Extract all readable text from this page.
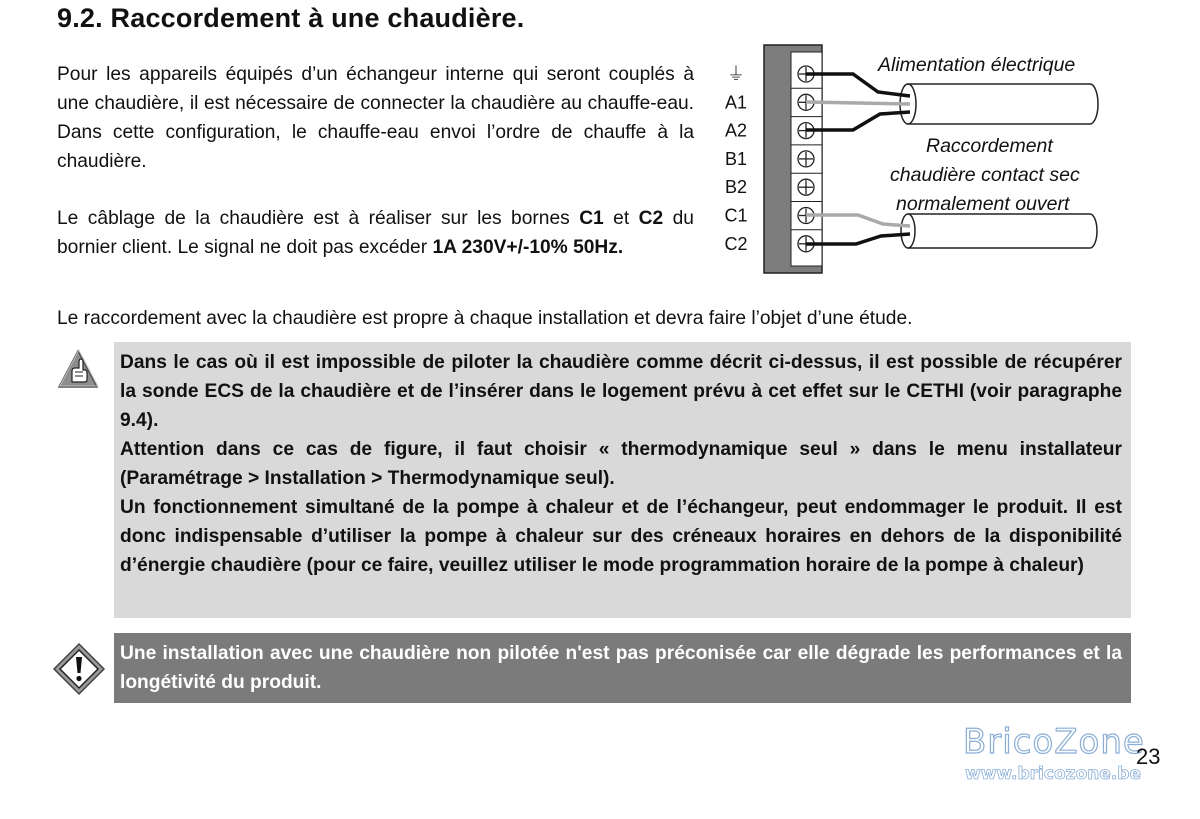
9.2. Raccordement à une chaudière.
Pour les appareils équipés d’un échangeur interne qui seront couplés à une chaudière, il est nécessaire de connecter la chaudière au chauffe-eau. Dans cette configuration, le chauffe-eau envoi l’ordre de chauffe à la chaudière.
Le câblage de la chaudière est à réaliser sur les bornes C1 et C2 du bornier client. Le signal ne doit pas excéder 1A 230V+/-10% 50Hz.
Le raccordement avec la chaudière est propre à chaque installation et devra faire l’objet d’une étude.
⏚
A1
A2
B1
B2
C1
C2
Alimentation électrique
Raccordement
chaudière contact sec
normalement ouvert

Dans le cas où il est impossible de piloter la chaudière comme décrit ci-dessus, il est possible de récupérer la sonde ECS de la chaudière et de l’insérer dans le logement prévu à cet effet sur le CETHI (voir paragraphe 9.4).

Attention dans ce cas de figure, il faut choisir « thermodynamique seul » dans le menu installateur (Paramétrage > Installation > Thermodynamique seul).

Un fonctionnement simultané de la pompe à chaleur et de l’échangeur, peut endommager le produit. Il est donc indispensable d’utiliser la pompe à chaleur sur des créneaux horaires en dehors de la disponibilité d’énergie chaudière (pour ce faire, veuillez utiliser le mode programmation horaire de la pompe à chaleur)

Une installation avec une chaudière non pilotée n'est pas préconisée car elle dégrade les performances et la longétivité du produit.

BricoZone
www.bricozone.be
23
